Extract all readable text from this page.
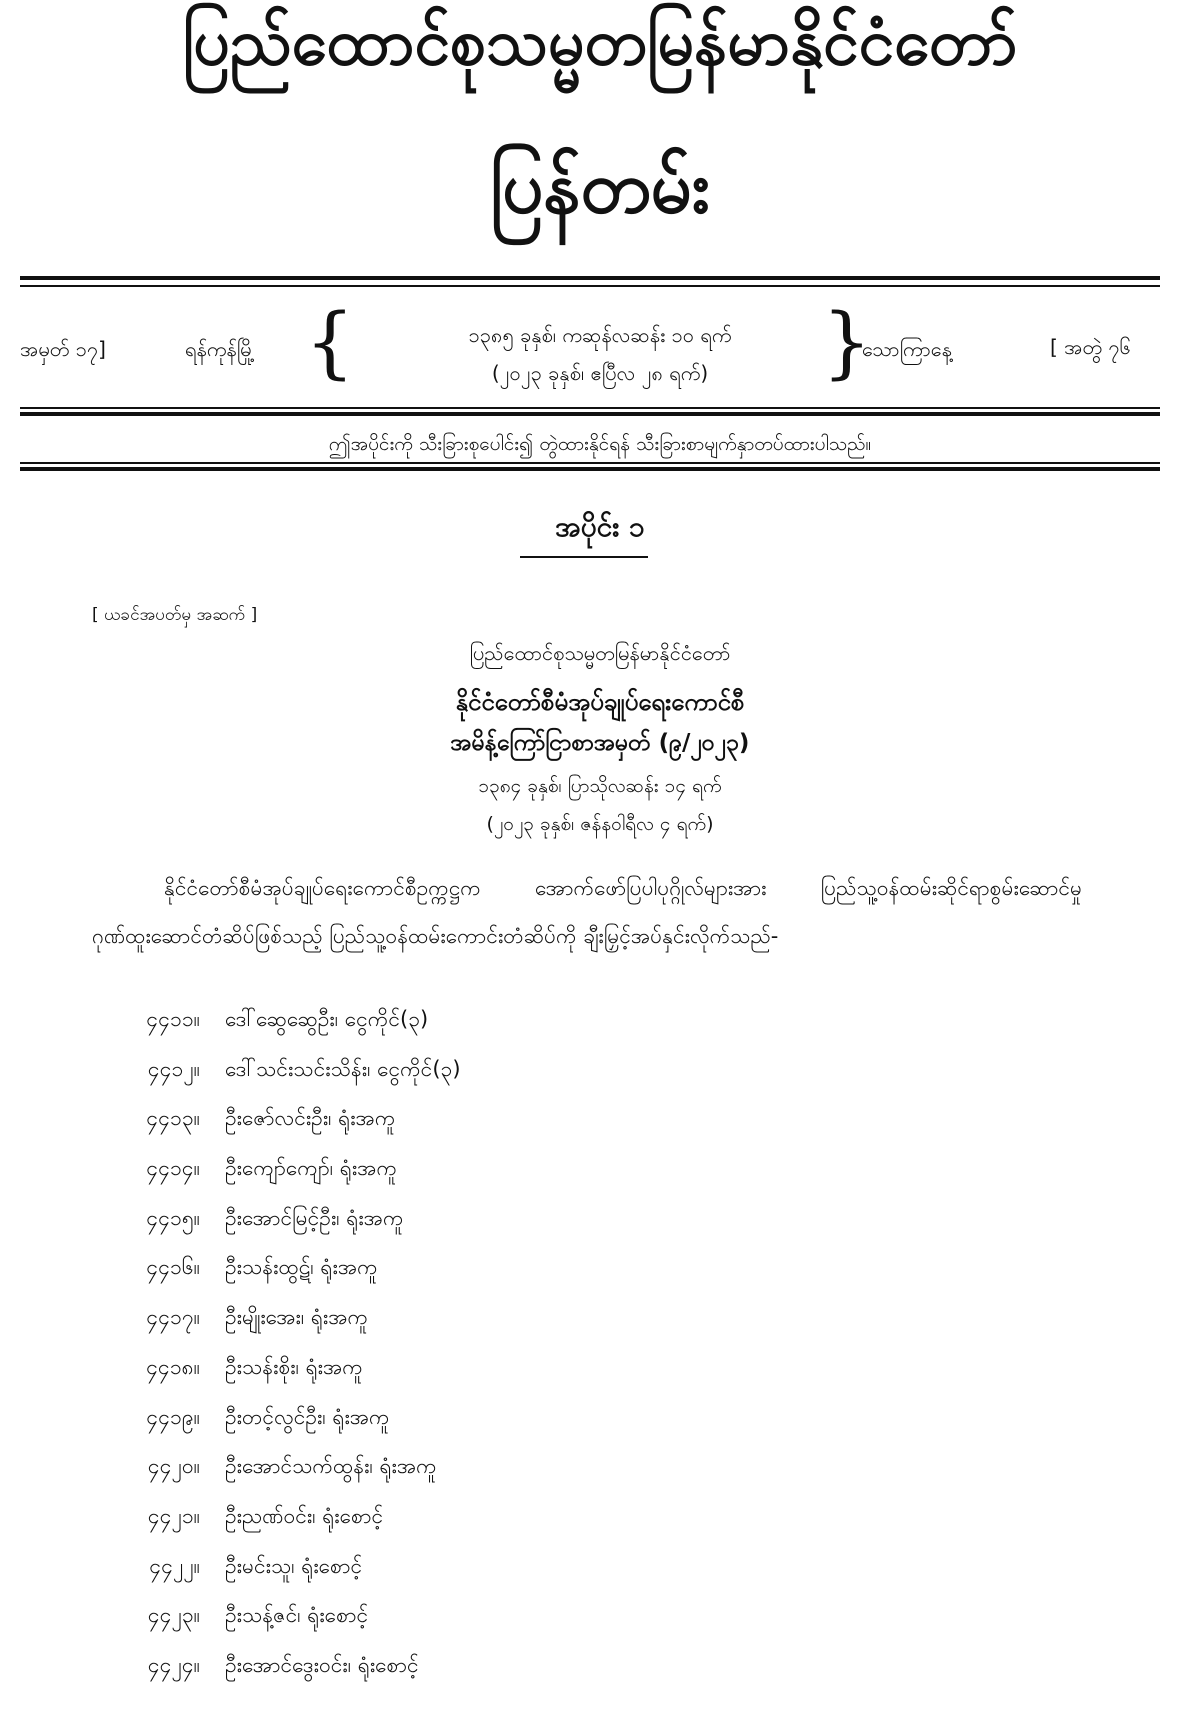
ပြည်ထောင်စုသမ္မတမြန်မာနိုင်ငံတော်
ပြန်တမ်း
အမှတ် ၁၇]	ရန်ကုန်မြို့ {	၁၃၈၅ ခုနှစ်၊ ကဆုန်လဆန်း ၁၀ ရက်
(၂၀၂၃ ခုနှစ်၊ ဧပြီလ ၂၈ ရက်)	}
သောကြာနေ့	[ အတွဲ ၇၆
ဤအပိုင်းကို သီးခြားစုပေါင်း၍ တွဲထားနိုင်ရန် သီးခြားစာမျက်နှာတပ်ထားပါသည်။
အပိုင်း ၁
[ ယခင်အပတ်မှ အဆက် ]
ပြည်ထောင်စုသမ္မတမြန်မာနိုင်ငံတော်
နိုင်ငံတော်စီမံအုပ်ချုပ်ရေးကောင်စီ
အမိန့်ကြော်ငြာစာအမှတ် (၉/၂၀၂၃)
၁၃၈၄ ခုနှစ်၊ ပြာသိုလဆန်း ၁၄ ရက်
(၂၀၂၃ ခုနှစ်၊ ဇန်နဝါရီလ ၄ ရက်)
နိုင်ငံတော်စီမံအုပ်ချုပ်ရေးကောင်စီဥက္ကဋ္ဌက အောက်ဖော်ပြပါပုဂ္ဂိုလ်များအား ပြည်သူ့ဝန်ထမ်းဆိုင်ရာစွမ်းဆောင်မှု ဂုဏ်ထူးဆောင်တံဆိပ်ဖြစ်သည့် ပြည်သူ့ဝန်ထမ်းကောင်းတံဆိပ်ကို ချီးမြှင့်အပ်နှင်းလိုက်သည်-
၄၄၁၁။ ဒေါ်ဆွေဆွေဦး၊ ငွေကိုင်(၃)
၄၄၁၂။ ဒေါ်သင်းသင်းသိန်း၊ ငွေကိုင်(၃)
၄၄၁၃။ ဦးဇော်လင်းဦး၊ ရုံးအကူ
၄၄၁၄။ ဦးကျော်ကျော်၊ ရုံးအကူ
၄၄၁၅။ ဦးအောင်မြင့်ဦး၊ ရုံးအကူ
၄၄၁၆။ ဦးသန်းထွဋ်၊ ရုံးအကူ
၄၄၁၇။ ဦးမျိုးအေး၊ ရုံးအကူ
၄၄၁၈။ ဦးသန်းစိုး၊ ရုံးအကူ
၄၄၁၉။ ဦးတင့်လွင်ဦး၊ ရုံးအကူ
၄၄၂၀။ ဦးအောင်သက်ထွန်း၊ ရုံးအကူ
၄၄၂၁။ ဦးညဏ်ဝင်း၊ ရုံးစောင့်
၄၄၂၂။ ဦးမင်းသူ၊ ရုံးစောင့်
၄၄၂၃။ ဦးသန့်ဇင်၊ ရုံးစောင့်
၄၄၂၄။ ဦးအောင်ဒွေးဝင်း၊ ရုံးစောင့်
